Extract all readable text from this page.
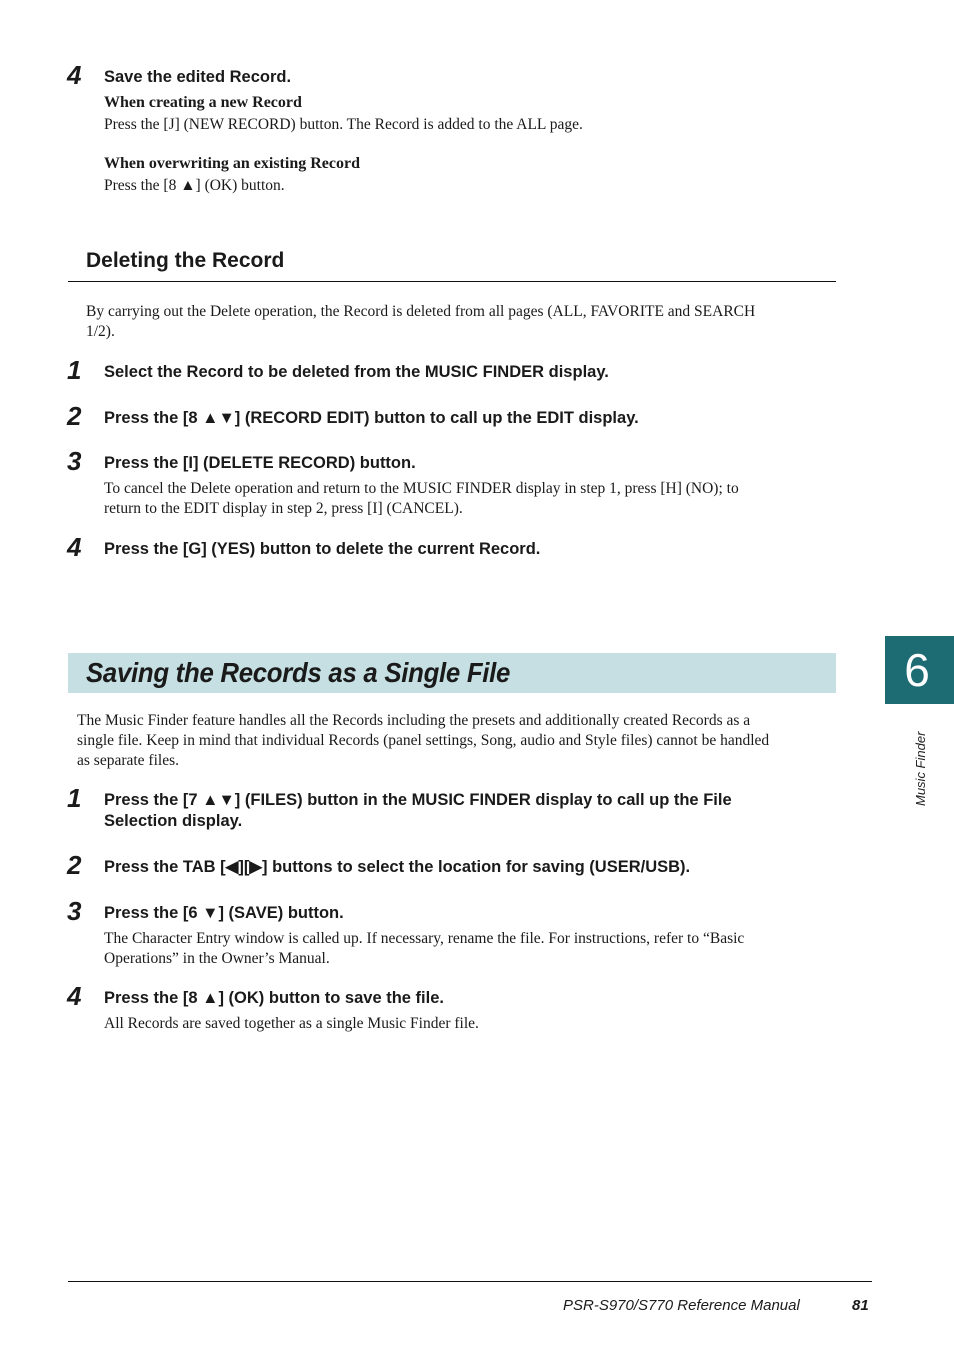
4 Save the edited Record.
When creating a new Record
Press the [J] (NEW RECORD) button. The Record is added to the ALL page.
When overwriting an existing Record
Press the [8 ▲] (OK) button.
Deleting the Record
By carrying out the Delete operation, the Record is deleted from all pages (ALL, FAVORITE and SEARCH
1/2).
1 Select the Record to be deleted from the MUSIC FINDER display.
2 Press the [8 ▲▼] (RECORD EDIT) button to call up the EDIT display.
3 Press the [I] (DELETE RECORD) button.
To cancel the Delete operation and return to the MUSIC FINDER display in step 1, press [H] (NO); to
return to the EDIT display in step 2, press [I] (CANCEL).
4 Press the [G] (YES) button to delete the current Record.
Saving the Records as a Single File
The Music Finder feature handles all the Records including the presets and additionally created Records as a
single file. Keep in mind that individual Records (panel settings, Song, audio and Style files) cannot be handled
as separate files.
1 Press the [7 ▲▼] (FILES) button in the MUSIC FINDER display to call up the File
Selection display.
2 Press the TAB [◀][▶] buttons to select the location for saving (USER/USB).
3 Press the [6 ▼] (SAVE) button.
The Character Entry window is called up. If necessary, rename the file. For instructions, refer to “Basic
Operations” in the Owner’s Manual.
4 Press the [8 ▲] (OK) button to save the file.
All Records are saved together as a single Music Finder file.
6
Music Finder
PSR-S970/S770 Reference Manual	81
